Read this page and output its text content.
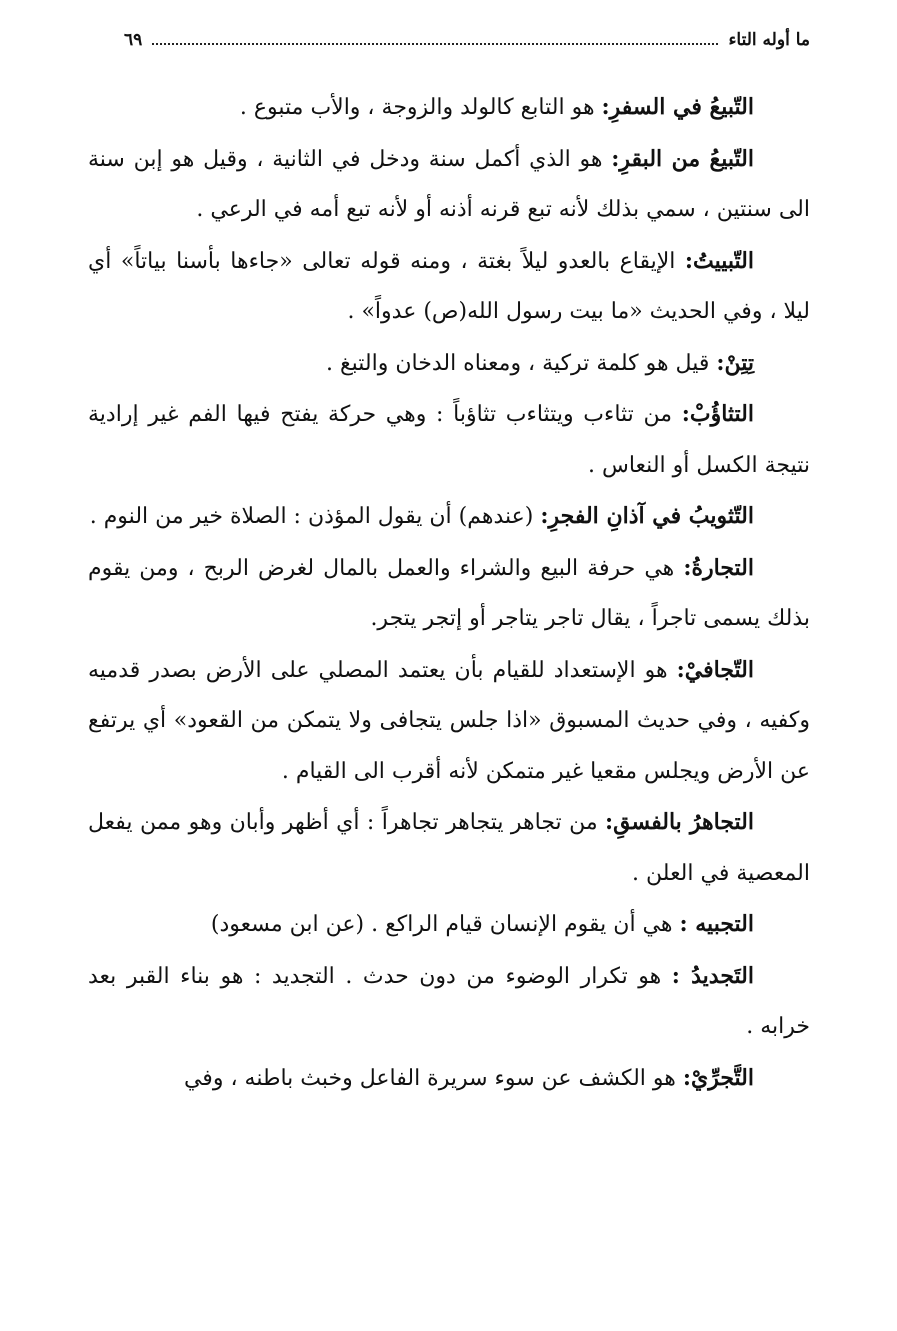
ما أوله التاء
٦٩

التّبيعُ في السفرِ: هو التابع كالولد والزوجة ، والأب متبوع .

التّبيعُ من البقرِ: هو الذي أكمل سنة ودخل في الثانية ، وقيل هو إبن سنة الى سنتين ، سمي بذلك لأنه تبع قرنه أذنه أو لأنه تبع أمه في الرعي .

التّبييتُ: الإيقاع بالعدو ليلاً بغتة ، ومنه قوله تعالى «جاءها بأسنا بياتاً» أي ليلا ، وفي الحديث «ما بيت رسول الله(ص) عدواً» .

تِتِنْ: قيل هو كلمة تركية ، ومعناه الدخان والتبغ .

التثاؤُبْ: من تثاءب ويتثاءب تثاؤباً : وهي حركة يفتح فيها الفم غير إرادية نتيجة الكسل أو النعاس .

التّثويبُ في آذانِ الفجرِ: (عندهم) أن يقول المؤذن : الصلاة خير من النوم .

التجارةُ: هي حرفة البيع والشراء والعمل بالمال لغرض الربح ، ومن يقوم بذلك يسمى تاجراً ، يقال تاجر يتاجر أو إتجر يتجر.

التّجافيْ: هو الإستعداد للقيام بأن يعتمد المصلي على الأرض بصدر قدميه وكفيه ، وفي حديث المسبوق «اذا جلس يتجافى ولا يتمكن من القعود» أي يرتفع عن الأرض ويجلس مقعيا غير متمكن لأنه أقرب الى القيام .

التجاهرُ بالفسقِ: من تجاهر يتجاهر تجاهراً : أي أظهر وأبان وهو ممن يفعل المعصية في العلن .

التجبيه : هي أن يقوم الإنسان قيام الراكع . (عن ابن مسعود)

التَجديدُ : هو تكرار الوضوء من دون حدث . التجديد : هو بناء القبر بعد خرابه .

التَّجرِّيْ: هو الكشف عن سوء سريرة الفاعل وخبث باطنه ، وفي
